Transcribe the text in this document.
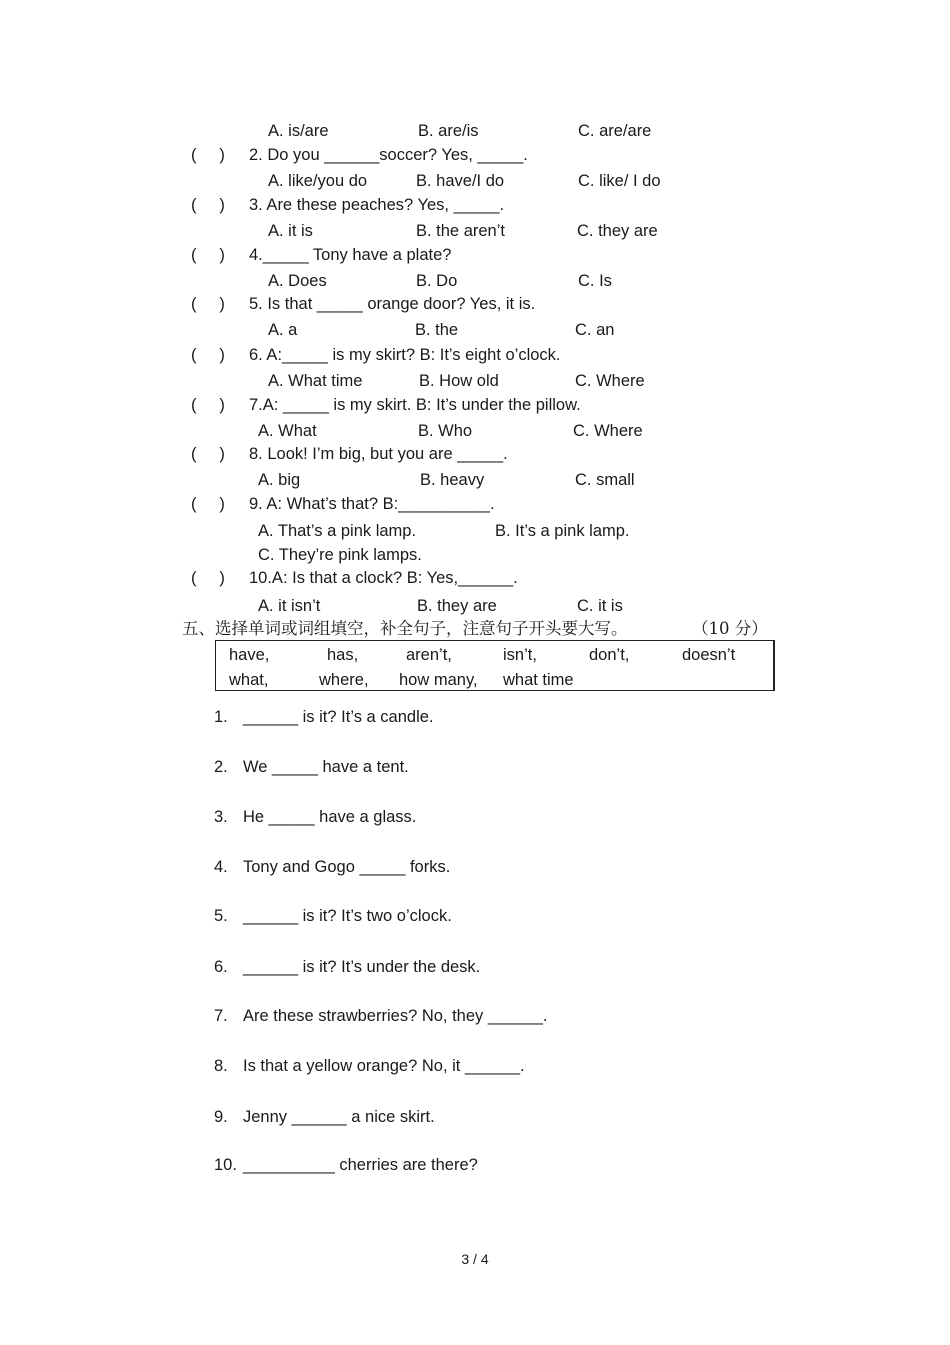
A. is/are	B. are/is	C. are/are
(     ) 2. Do you ______soccer? Yes, _____.
A. like/you do	B. have/I do	C. like/ I do
(     ) 3. Are these peaches? Yes, _____.
A. it is	B. the aren’t	C. they are
(     ) 4._____ Tony have a plate?
A. Does	B. Do	C. Is
(     ) 5. Is that _____ orange door? Yes, it is.
A. a	B. the	C. an
(     ) 6. A:_____ is my skirt? B: It’s eight o’clock.
A. What time	B. How old	C. Where
(     ) 7.A: _____ is my skirt. B: It’s under the pillow.
A. What	B. Who	C. Where
(     ) 8. Look! I’m big, but you are _____.
A. big	B. heavy	C. small
(     ) 9. A: What’s that? B:__________.
A. That’s a pink lamp.	B. It’s a pink lamp.
C. They’re pink lamps.
(     ) 10.A: Is that a clock? B: Yes,______.
A. it isn’t	B. they are	C. it is
五、选择单词或词组填空，补全句子，注意句子开头要大写。	（10 分）
have,	has,	aren’t,	isn’t,	don’t,	doesn’t
what,	where, how many, what time
1. ______ is it? It’s a candle.
2. We _____ have a tent.
3. He _____ have a glass.
4. Tony and Gogo _____ forks.
5. ______ is it? It’s two o’clock.
6. ______ is it? It’s under the desk.
7. Are these strawberries? No, they ______.
8. Is that a yellow orange? No, it ______.
9. Jenny ______ a nice skirt.
10. __________ cherries are there?
3 / 4
